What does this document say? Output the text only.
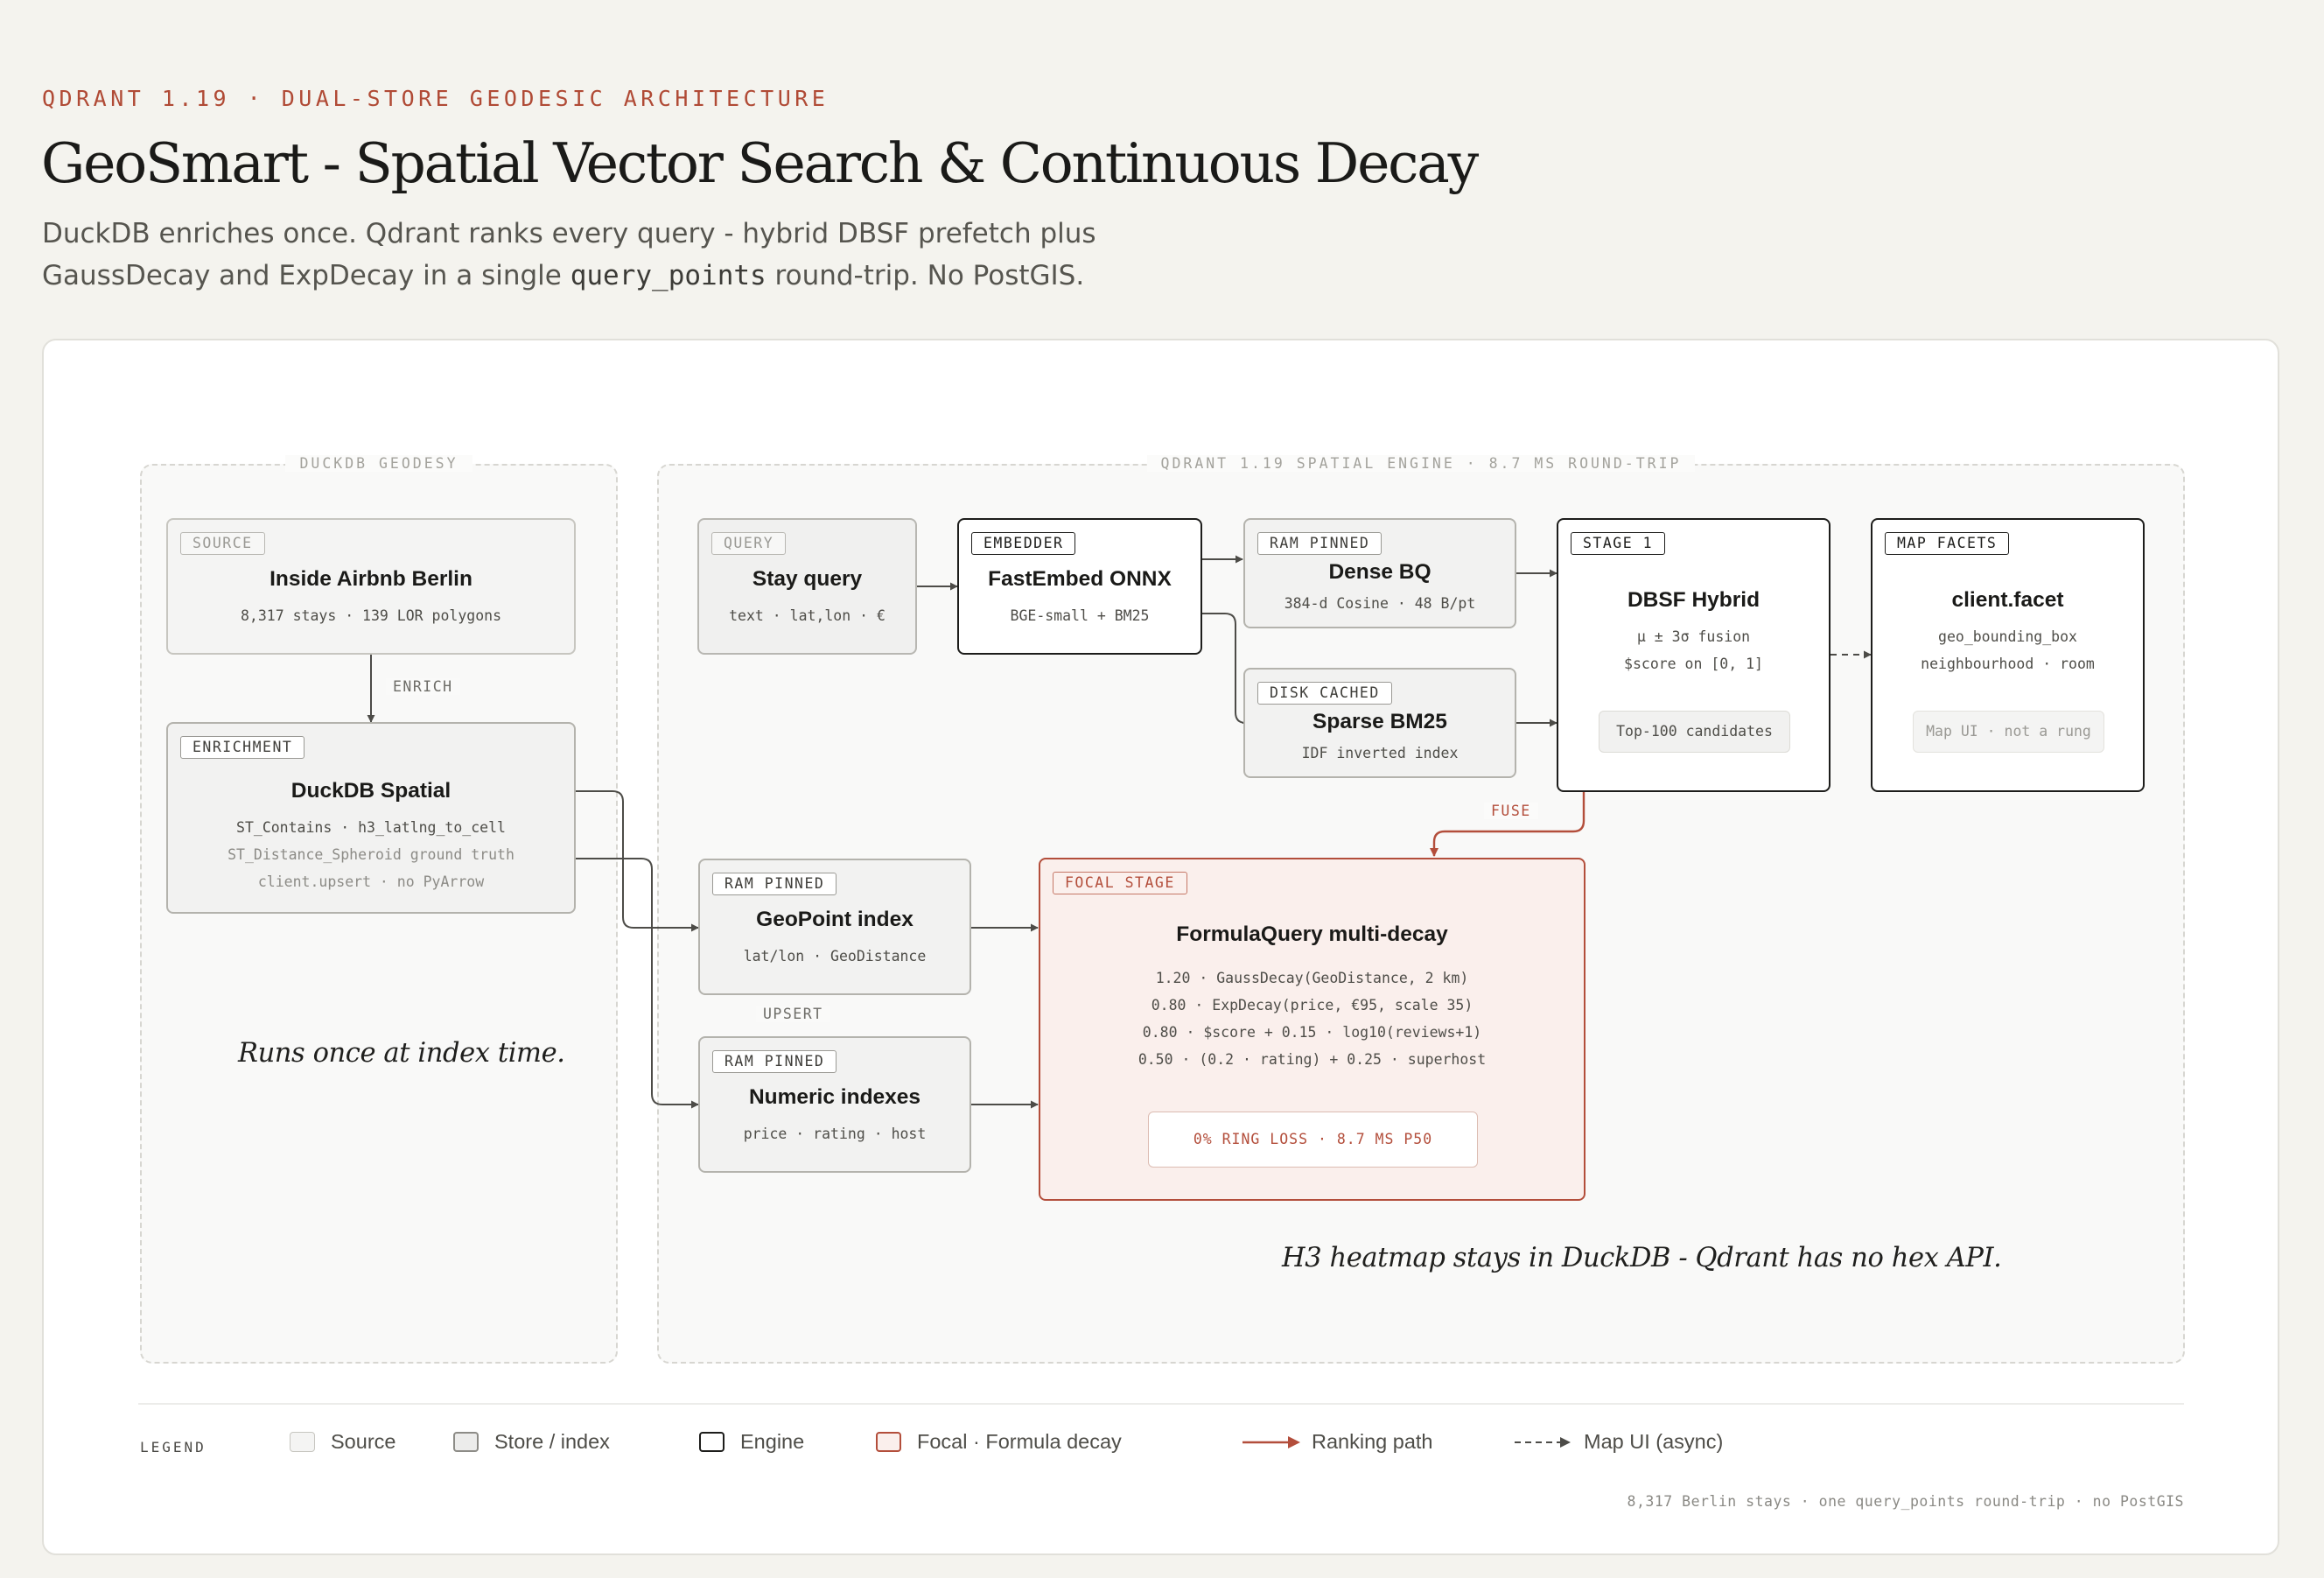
QDRANT 1.19 · DUAL-STORE GEODESIC ARCHITECTURE
GeoSmart - Spatial Vector Search & Continuous Decay
DuckDB enriches once. Qdrant ranks every query - hybrid DBSF prefetch plus
GaussDecay and ExpDecay in a single query_points round-trip. No PostGIS.
DUCKDB GEODESY	QDRANT 1.19 SPATIAL ENGINE · 8.7 MS ROUND-TRIP
ENRICH
UPSERT
FUSE
SOURCE
Inside Airbnb Berlin
8,317 stays · 139 LOR polygons
ENRICHMENT
DuckDB Spatial
ST_Contains · h3_latlng_to_cell
ST_Distance_Spheroid ground truth
client.upsert · no PyArrow
QUERY
Stay query
text · lat,lon · €
EMBEDDER
FastEmbed ONNX
BGE-small + BM25
RAM PINNED
Dense BQ
384-d Cosine · 48 B/pt
DISK CACHED
Sparse BM25
IDF inverted index
STAGE 1
DBSF Hybrid
μ ± 3σ fusion
$score on [0, 1]
Top-100 candidates
MAP FACETS
client.facet
geo_bounding_box
neighbourhood · room
Map UI · not a rung
RAM PINNED
GeoPoint index
lat/lon · GeoDistance
RAM PINNED
Numeric indexes
price · rating · host
FOCAL STAGE
FormulaQuery multi-decay
1.20 · GaussDecay(GeoDistance, 2 km)
0.80 · ExpDecay(price, €95, scale 35)
0.80 · $score + 0.15 · log10(reviews+1)
0.50 · (0.2 · rating) + 0.25 · superhost
0% RING LOSS · 8.7 MS P50
Runs once at index time.
H3 heatmap stays in DuckDB - Qdrant has no hex API.
LEGEND	Source	Store / index	Engine	Focal · Formula decay	Ranking path	Map UI (async)
8,317 Berlin stays · one query_points round-trip · no PostGIS
